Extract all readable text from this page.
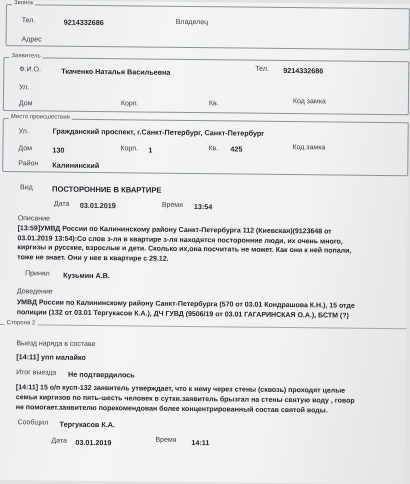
Звонок
Тел.	9214332686	Владелец
Адрес
Заявитель
Ф.И.О.	Ткаченко Наталья Васильевна	Тел. 9214332686
Ул.
Дом	Корп.	Кв.	Код замка
Место происшествия
Ул.	Гражданский проспект, г.Санкт-Петербург, Санкт-Петербург
Дом	130	Корп. 1	Кв. 425	Код замка
Район Калининский
Вид	ПОСТОРОННИЕ В КВАРТИРЕ
Дата 03.01.2019	Время 13:54
Описание
[13:59]УМВД России по Калининскому району Санкт-Петербурга 112 (Киевская)(9123648 от
03.01.2019 13:54):Со слов з-ля в квартире з-ля находятся посторонние люди, их очень много,
киргизы и русские, взрослые и дети. Сколько их,она посчитать не может. Как они к ней попали,
тоже не знает. Они у нее в квартире с 29.12.
Принял Кузьмин А.В.
Доведение
УМВД России по Калининскому району Санкт-Петербурга (570 от 03.01 Кондрашова К.Н.), 15 отде
полиции (132 от 03.01 Тергукасов К.А.), ДЧ ГУВД (9506/19 от 03.01 ГАГАРИНСКАЯ О.А.), БСТМ (?)
Сторона 2
Выезд наряда в составе
[14:11] упп малайко
Итог выезда Не подтвердилось
[14:11] 15 о/п кусп-132 заявитель утверждает, что к нему через стены (сквозь) проходят целые
семьи киргизов по пять-шесть человек в сутки.заявитель брызгал на стены святую воду , говор
не помогает.заявителю порекомендован более концентрированный состав святой воды.
Сообщил Тергукасов К.А.
Дата 03.01.2019	Время 14:11
